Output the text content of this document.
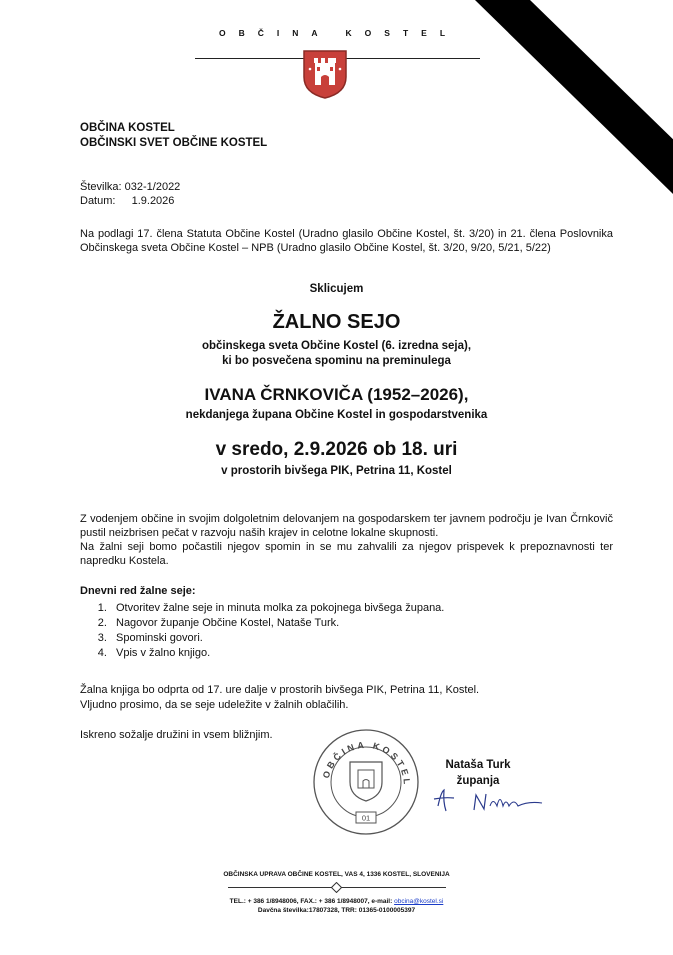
OBČINA KOSTEL
OBČINA KOSTEL
OBČINSKI SVET OBČINE KOSTEL
Številka: 032-1/2022
Datum: 1.9.2026
Na podlagi 17. člena Statuta Občine Kostel (Uradno glasilo Občine Kostel, št. 3/20) in 21. člena Poslovnika Občinskega sveta Občine Kostel – NPB (Uradno glasilo Občine Kostel, št. 3/20, 9/20, 5/21, 5/22)
Sklicujem
ŽALNO SEJO
občinskega sveta Občine Kostel (6. izredna seja),
ki bo posvečena spominu na preminulega
IVANA ČRNKOVIČA (1952–2026),
nekdanjega župana Občine Kostel in gospodarstvenika
v sredo, 2.9.2026 ob 18. uri
v prostorih bivšega PIK, Petrina 11, Kostel
Z vodenjem občine in svojim dolgoletnim delovanjem na gospodarskem ter javnem področju je Ivan Črnkovič pustil neizbrisen pečat v razvoju naših krajev in celotne lokalne skupnosti.
Na žalni seji bomo počastili njegov spomin in se mu zahvalili za njegov prispevek k prepoznavnosti ter napredku Kostela.
Dnevni red žalne seje:
1. Otvoritev žalne seje in minuta molka za pokojnega bivšega župana.
2. Nagovor županje Občine Kostel, Nataše Turk.
3. Spominski govori.
4. Vpis v žalno knjigo.
Žalna knjiga bo odprta od 17. ure dalje v prostorih bivšega PIK, Petrina 11, Kostel.
Vljudno prosimo, da se seje udeležite v žalnih oblačilih.
Iskreno sožalje družini in vsem bližnjim.
OBČINA KOSTEL
01
Nataša Turk
županja
OBČINSKA UPRAVA OBČINE KOSTEL, VAS 4, 1336 KOSTEL, SLOVENIJA
TEL.: + 386 1/8948006, FAX.: + 386 1/8948007, e-mail: obcina@kostel.si
Davčna številka:17807328, TRR: 01365-0100005397
